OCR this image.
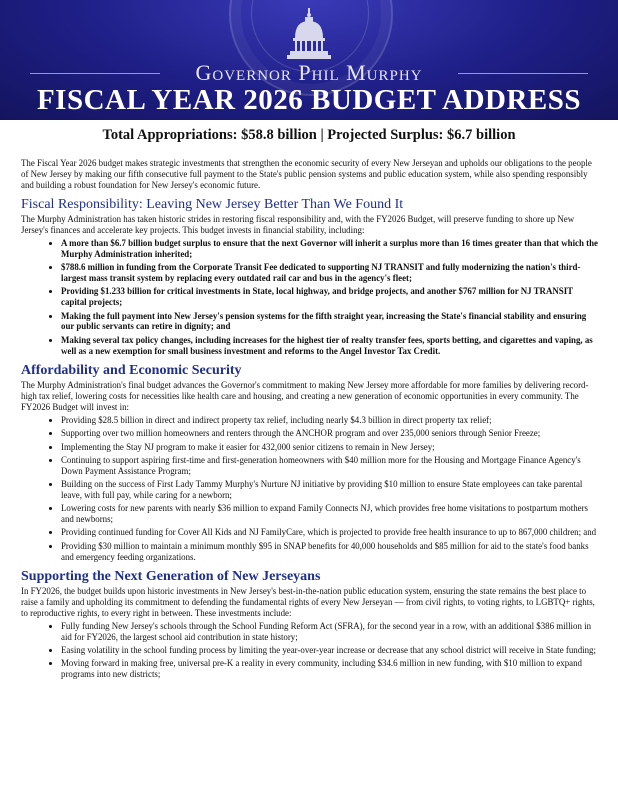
Governor Phil Murphy
FISCAL YEAR 2026 BUDGET ADDRESS
Total Appropriations: $58.8 billion | Projected Surplus: $6.7 billion

The Fiscal Year 2026 budget makes strategic investments that strengthen the economic security of every New Jerseyan and upholds our obligations to the people of New Jersey by making our fifth consecutive full payment to the State's public pension systems and public education system, while also spending responsibly and building a robust foundation for New Jersey's economic future.

Fiscal Responsibility: Leaving New Jersey Better Than We Found It

The Murphy Administration has taken historic strides in restoring fiscal responsibility and, with the FY2026 Budget, will preserve funding to shore up New Jersey's finances and accelerate key projects. This budget invests in financial stability, including:

• A more than $6.7 billion budget surplus to ensure that the next Governor will inherit a surplus more than 16 times greater than that which the Murphy Administration inherited;
• $788.6 million in funding from the Corporate Transit Fee dedicated to supporting NJ TRANSIT and fully modernizing the nation's third-largest mass transit system by replacing every outdated rail car and bus in the agency's fleet;
• Providing $1.233 billion for critical investments in State, local highway, and bridge projects, and another $767 million for NJ TRANSIT capital projects;
• Making the full payment into New Jersey's pension systems for the fifth straight year, increasing the State's financial stability and ensuring our public servants can retire in dignity; and
• Making several tax policy changes, including increases for the highest tier of realty transfer fees, sports betting, and cigarettes and vaping, as well as a new exemption for small business investment and reforms to the Angel Investor Tax Credit.
Affordability and Economic Security

The Murphy Administration's final budget advances the Governor's commitment to making New Jersey more affordable for more families by delivering record-high tax relief, lowering costs for necessities like health care and housing, and creating a new generation of economic opportunities in every community. The FY2026 Budget will invest in:

• Providing $28.5 billion in direct and indirect property tax relief, including nearly $4.3 billion in direct property tax relief;
• Supporting over two million homeowners and renters through the ANCHOR program and over 235,000 seniors through Senior Freeze;
• Implementing the Stay NJ program to make it easier for 432,000 senior citizens to remain in New Jersey;
• Continuing to support aspiring first-time and first-generation homeowners with $40 million more for the Housing and Mortgage Finance Agency's Down Payment Assistance Program;
• Building on the success of First Lady Tammy Murphy's Nurture NJ initiative by providing $10 million to ensure State employees can take parental leave, with full pay, while caring for a newborn;
• Lowering costs for new parents with nearly $36 million to expand Family Connects NJ, which provides free home visitations to postpartum mothers and newborns;
• Providing continued funding for Cover All Kids and NJ FamilyCare, which is projected to provide free health insurance to up to 867,000 children; and
• Providing $30 million to maintain a minimum monthly $95 in SNAP benefits for 40,000 households and $85 million for aid to the state's food banks and emergency feeding organizations.
Supporting the Next Generation of New Jerseyans

In FY2026, the budget builds upon historic investments in New Jersey's best-in-the-nation public education system, ensuring the state remains the best place to raise a family and upholding its commitment to defending the fundamental rights of every New Jerseyan — from civil rights, to voting rights, to LGBTQ+ rights, to reproductive rights, to every right in between. These investments include:

• Fully funding New Jersey's schools through the School Funding Reform Act (SFRA), for the second year in a row, with an additional $386 million in aid for FY2026, the largest school aid contribution in state history;
• Easing volatility in the school funding process by limiting the year-over-year increase or decrease that any school district will receive in State funding;
• Moving forward in making free, universal pre-K a reality in every community, including $34.6 million in new funding, with $10 million to expand programs into new districts;
